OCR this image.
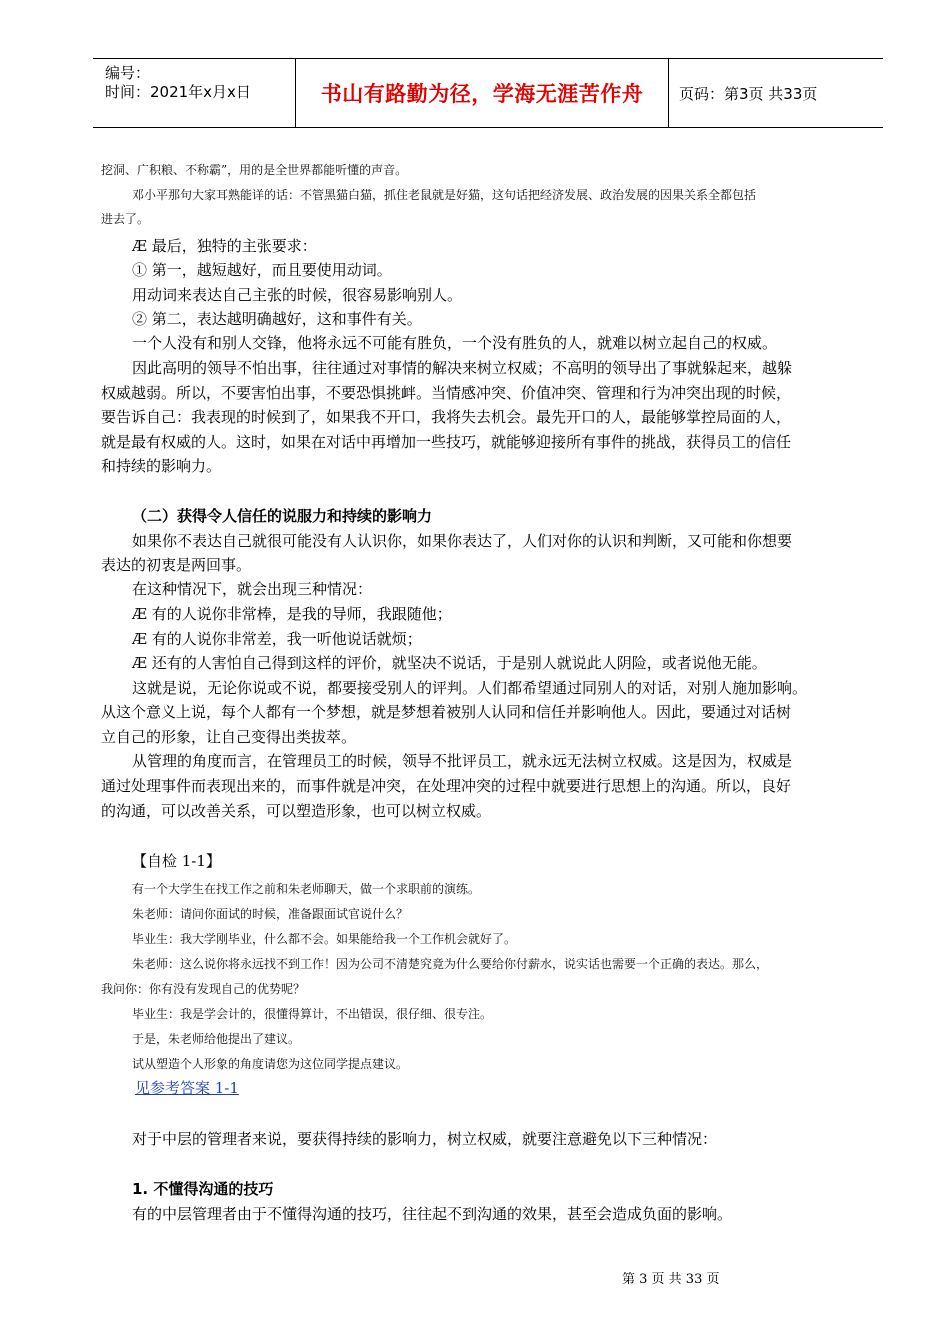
编号：
时间：2021年x月x日	书山有路勤为径，学海无涯苦作舟 页码：第3页 共33页
挖洞、广积粮、不称霸”，用的是全世界都能听懂的声音。
邓小平那句大家耳熟能详的话：不管黑猫白猫，抓住老鼠就是好猫，这句话把经济发展、政治发展的因果关系全都包括
进去了。
Æ 最后，独特的主张要求：
① 第一，越短越好，而且要使用动词。
用动词来表达自己主张的时候，很容易影响别人。
② 第二，表达越明确越好，这和事件有关。
一个人没有和别人交锋，他将永远不可能有胜负，一个没有胜负的人，就难以树立起自己的权威。
因此高明的领导不怕出事，往往通过对事情的解决来树立权威；不高明的领导出了事就躲起来，越躲
权威越弱。所以，不要害怕出事，不要恐惧挑衅。当情感冲突、价值冲突、管理和行为冲突出现的时候，
要告诉自己：我表现的时候到了，如果我不开口，我将失去机会。最先开口的人，最能够掌控局面的人，
就是最有权威的人。这时，如果在对话中再增加一些技巧，就能够迎接所有事件的挑战，获得员工的信任
和持续的影响力。
（二）获得令人信任的说服力和持续的影响力
如果你不表达自己就很可能没有人认识你，如果你表达了，人们对你的认识和判断，又可能和你想要
表达的初衷是两回事。
在这种情况下，就会出现三种情况：
Æ 有的人说你非常棒，是我的导师，我跟随他；
Æ 有的人说你非常差，我一听他说话就烦；
Æ 还有的人害怕自己得到这样的评价，就坚决不说话，于是别人就说此人阴险，或者说他无能。
这就是说，无论你说或不说，都要接受别人的评判。人们都希望通过同别人的对话，对别人施加影响。
从这个意义上说，每个人都有一个梦想，就是梦想着被别人认同和信任并影响他人。因此，要通过对话树
立自己的形象，让自己变得出类拔萃。
从管理的角度而言，在管理员工的时候，领导不批评员工，就永远无法树立权威。这是因为，权威是
通过处理事件而表现出来的，而事件就是冲突，在处理冲突的过程中就要进行思想上的沟通。所以，良好
的沟通，可以改善关系，可以塑造形象，也可以树立权威。
【自检 1-1】
有一个大学生在找工作之前和朱老师聊天，做一个求职前的演练。
朱老师：请问你面试的时候，准备跟面试官说什么？
毕业生：我大学刚毕业，什么都不会。如果能给我一个工作机会就好了。
朱老师：这么说你将永远找不到工作！因为公司不清楚究竟为什么要给你付薪水，说实话也需要一个正确的表达。那么，
我问你：你有没有发现自己的优势呢？
毕业生：我是学会计的，很懂得算计，不出错误，很仔细、很专注。
于是，朱老师给他提出了建议。
试从塑造个人形象的角度请您为这位同学提点建议。
见参考答案 1-1
对于中层的管理者来说，要获得持续的影响力，树立权威，就要注意避免以下三种情况：
1. 不懂得沟通的技巧
有的中层管理者由于不懂得沟通的技巧，往往起不到沟通的效果，甚至会造成负面的影响。
第 3 页 共 33 页
